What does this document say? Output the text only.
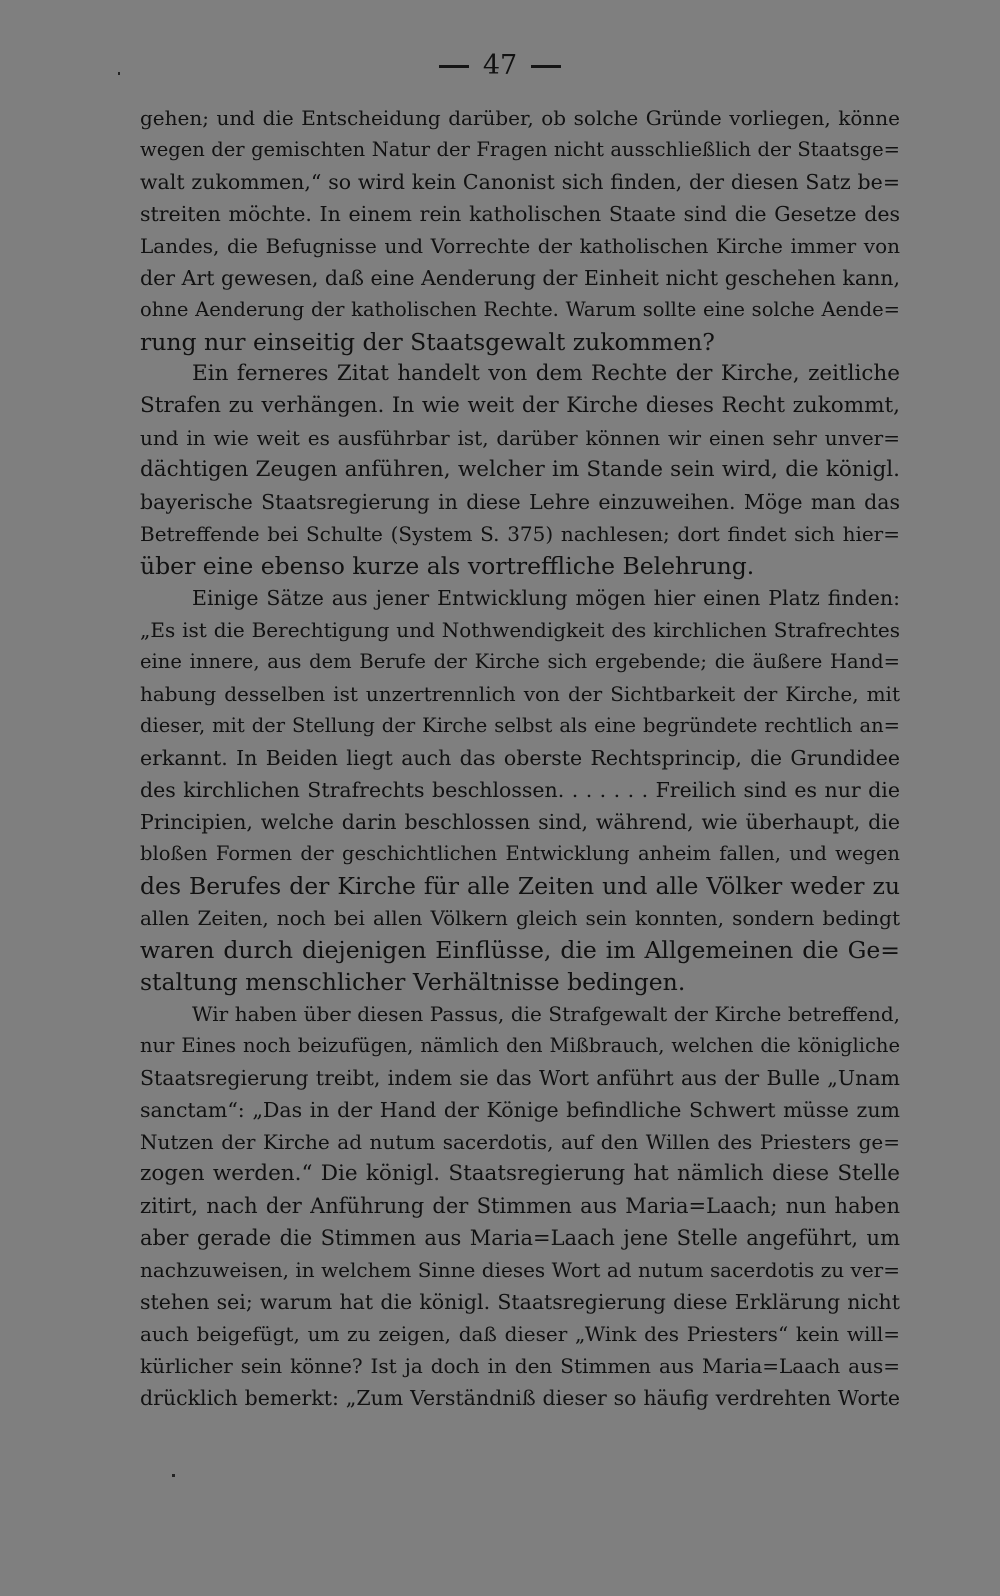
47
gehen; und die Entscheidung darüber, ob solche Gründe vorliegen, könne
wegen der gemischten Natur der Fragen nicht ausschließlich der Staatsge=
walt zukommen,“ so wird kein Canonist sich finden, der diesen Satz be=
streiten möchte. In einem rein katholischen Staate sind die Gesetze des
Landes, die Befugnisse und Vorrechte der katholischen Kirche immer von
der Art gewesen, daß eine Aenderung der Einheit nicht geschehen kann,
ohne Aenderung der katholischen Rechte. Warum sollte eine solche Aende=
rung nur einseitig der Staatsgewalt zukommen?
Ein ferneres Zitat handelt von dem Rechte der Kirche, zeitliche
Strafen zu verhängen. In wie weit der Kirche dieses Recht zukommt,
und in wie weit es ausführbar ist, darüber können wir einen sehr unver=
dächtigen Zeugen anführen, welcher im Stande sein wird, die königl.
bayerische Staatsregierung in diese Lehre einzuweihen. Möge man das
Betreffende bei Schulte (System S. 375) nachlesen; dort findet sich hier=
über eine ebenso kurze als vortreffliche Belehrung.
Einige Sätze aus jener Entwicklung mögen hier einen Platz finden:
„Es ist die Berechtigung und Nothwendigkeit des kirchlichen Strafrechtes
eine innere, aus dem Berufe der Kirche sich ergebende; die äußere Hand=
habung desselben ist unzertrennlich von der Sichtbarkeit der Kirche, mit
dieser, mit der Stellung der Kirche selbst als eine begründete rechtlich an=
erkannt. In Beiden liegt auch das oberste Rechtsprincip, die Grundidee
des kirchlichen Strafrechts beschlossen. . . . . . . Freilich sind es nur die
Principien, welche darin beschlossen sind, während, wie überhaupt, die
bloßen Formen der geschichtlichen Entwicklung anheim fallen, und wegen
des Berufes der Kirche für alle Zeiten und alle Völker weder zu
allen Zeiten, noch bei allen Völkern gleich sein konnten, sondern bedingt
waren durch diejenigen Einflüsse, die im Allgemeinen die Ge=
staltung menschlicher Verhältnisse bedingen.
Wir haben über diesen Passus, die Strafgewalt der Kirche betreffend,
nur Eines noch beizufügen, nämlich den Mißbrauch, welchen die königliche
Staatsregierung treibt, indem sie das Wort anführt aus der Bulle „Unam
sanctam“: „Das in der Hand der Könige befindliche Schwert müsse zum
Nutzen der Kirche ad nutum sacerdotis, auf den Willen des Priesters ge=
zogen werden.“ Die königl. Staatsregierung hat nämlich diese Stelle
zitirt, nach der Anführung der Stimmen aus Maria=Laach; nun haben
aber gerade die Stimmen aus Maria=Laach jene Stelle angeführt, um
nachzuweisen, in welchem Sinne dieses Wort ad nutum sacerdotis zu ver=
stehen sei; warum hat die königl. Staatsregierung diese Erklärung nicht
auch beigefügt, um zu zeigen, daß dieser „Wink des Priesters“ kein will=
kürlicher sein könne? Ist ja doch in den Stimmen aus Maria=Laach aus=
drücklich bemerkt: „Zum Verständniß dieser so häufig verdrehten Worte
